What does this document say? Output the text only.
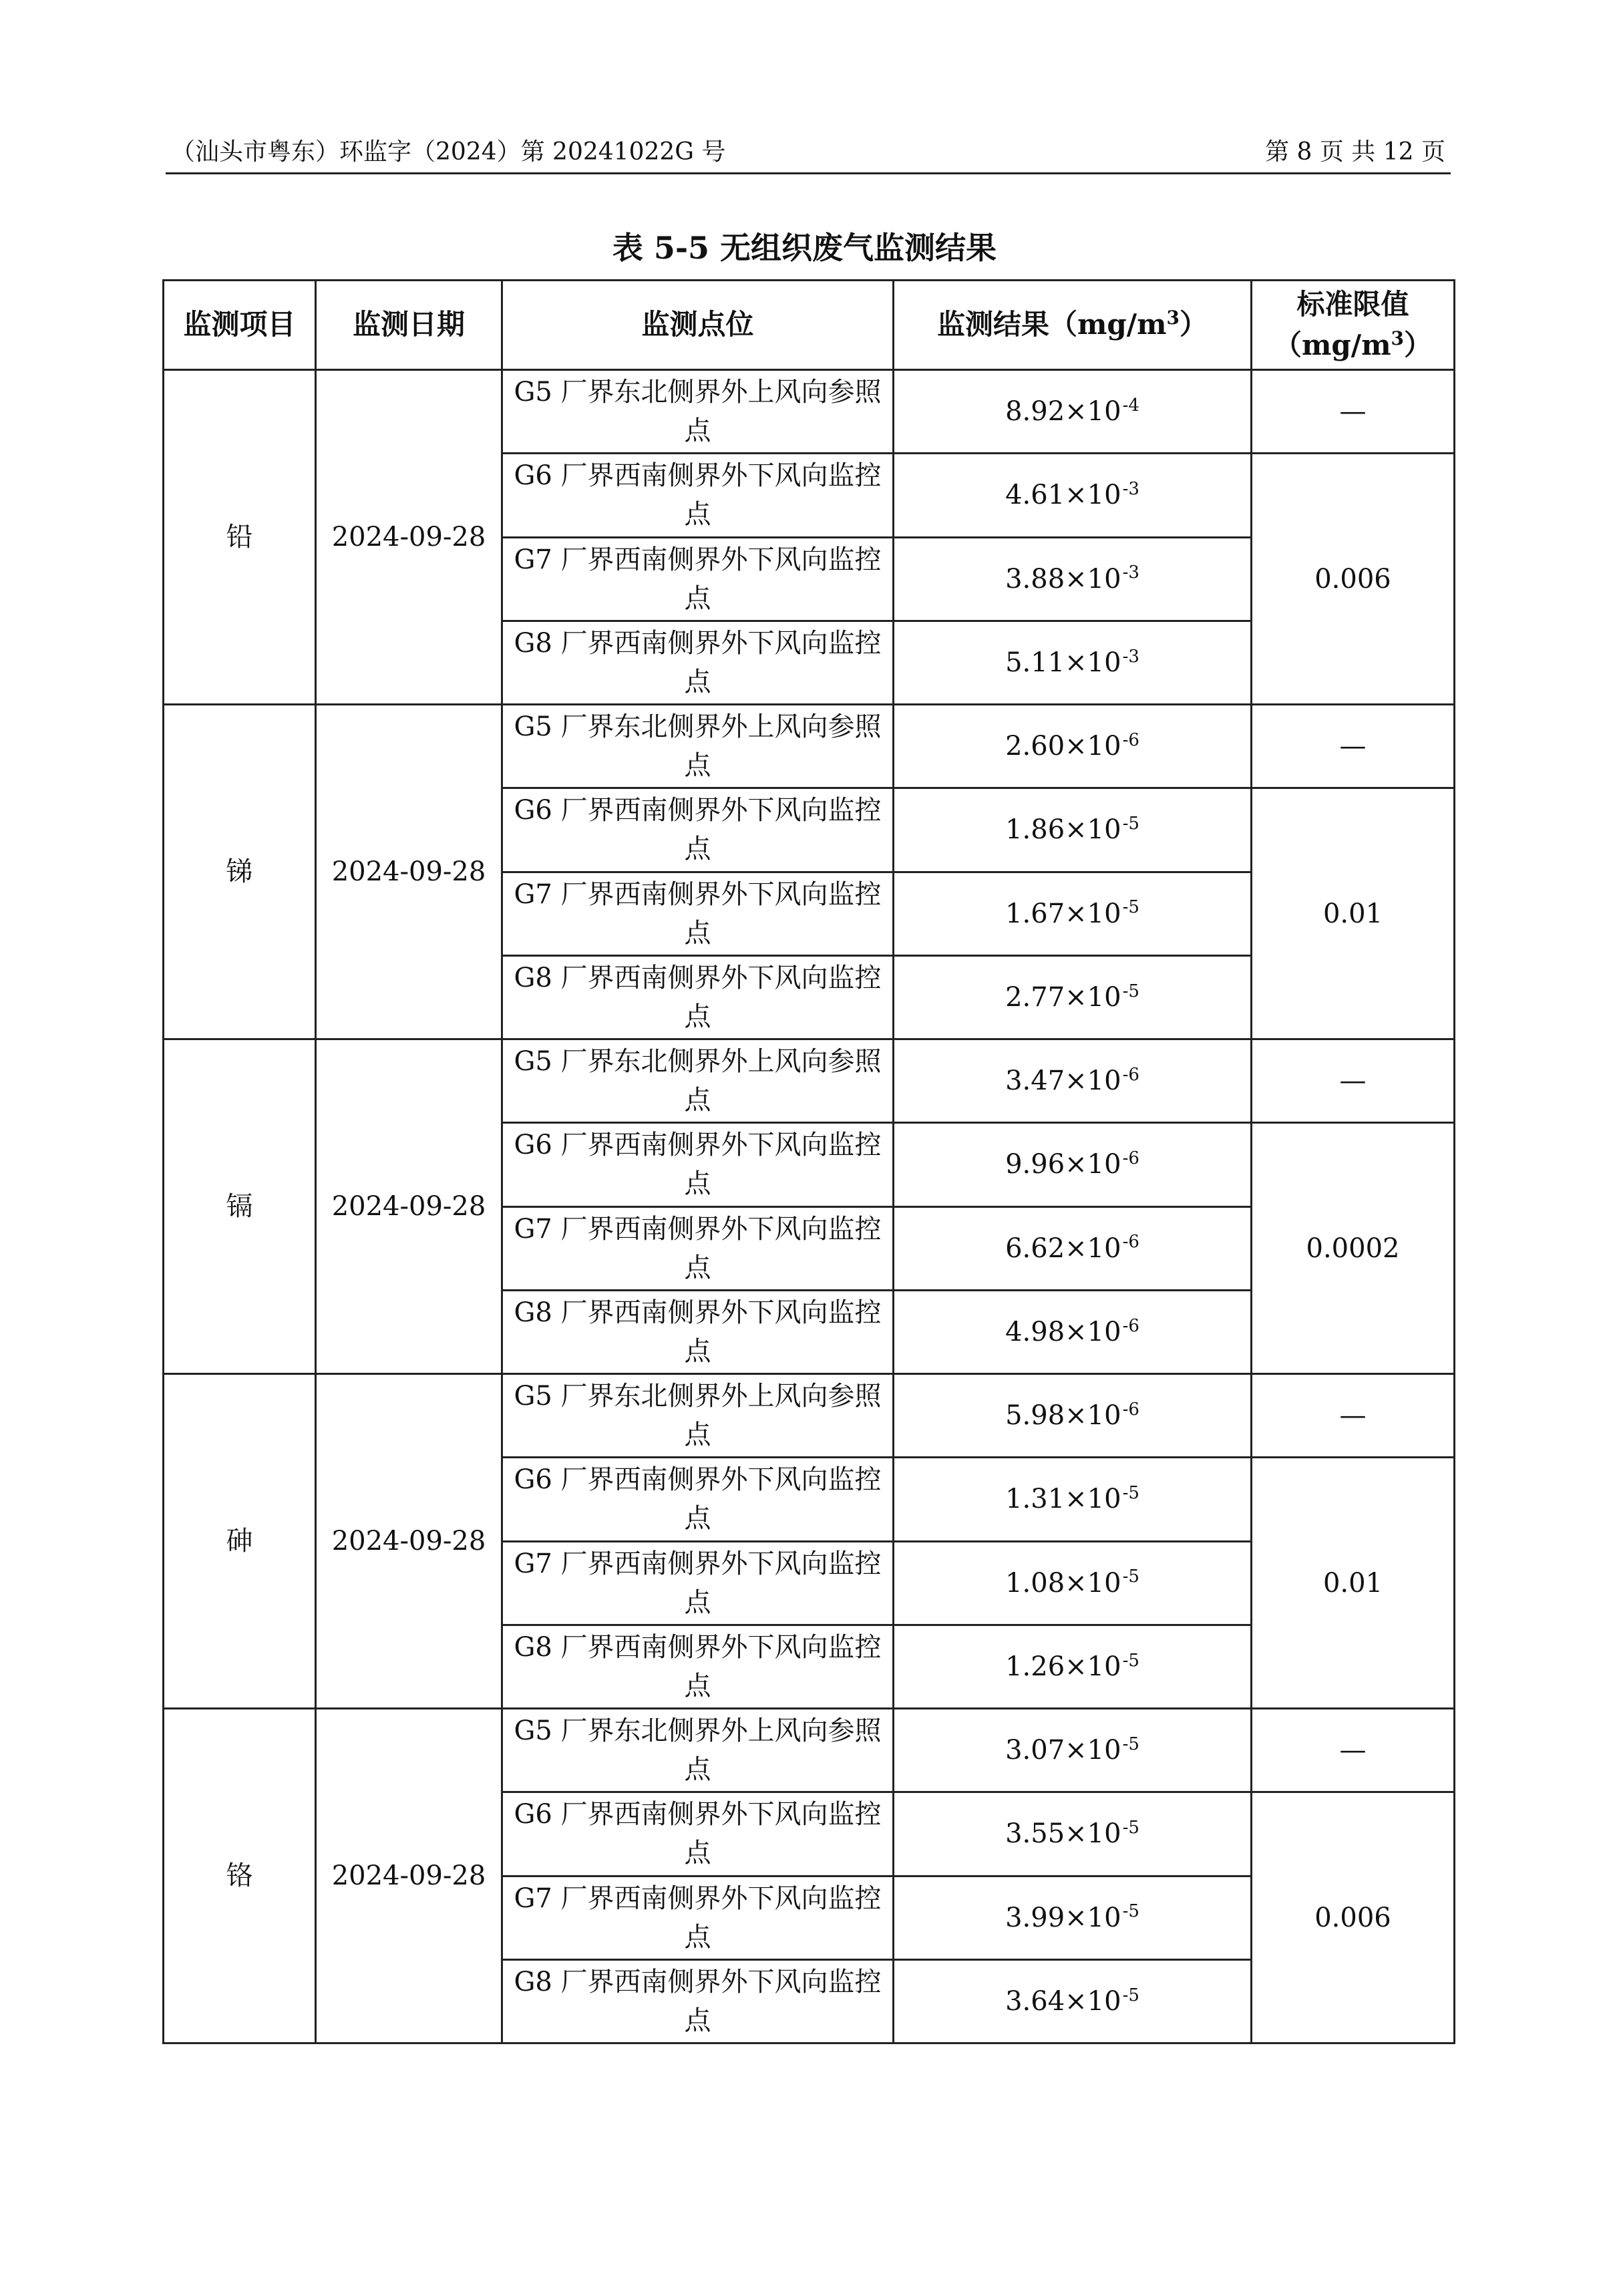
（汕头市粤东）环监字（2024）第 20241022G 号	第 8 页 共 12 页
表 5-5 无组织废气监测结果
监测项目	监测日期	监测点位	监测结果$(mg/m^3)$	标准限值
$(mg/m^3)$
铅	2024-09-28	G5 厂界东北侧界外上风向参照点	$8.92\times 10^{-4}$	—
		G6 厂界西南侧界外下风向监控点	$4.61\times 10^{-3}$	0.006
		G7 厂界西南侧界外下风向监控点	$3.88\times 10^{-3}$
		G8 厂界西南侧界外下风向监控点	$5.11\times 10^{-3}$
锑	2024-09-28	G5 厂界东北侧界外上风向参照点	$2.60\times 10^{-6}$	—
		G6 厂界西南侧界外下风向监控点	$1.86\times 10^{-5}$	0.01
		G7 厂界西南侧界外下风向监控点	$1.67\times 10^{-5}$
		G8 厂界西南侧界外下风向监控点	$2.77\times 10^{-5}$
镉	2024-09-28	G5 厂界东北侧界外上风向参照点	$3.47\times 10^{-6}$	—
		G6 厂界西南侧界外下风向监控点	$9.96\times 10^{-6}$	0.0002
		G7 厂界西南侧界外下风向监控点	$6.62\times 10^{-6}$
		G8 厂界西南侧界外下风向监控点	$4.98\times 10^{-6}$
砷	2024-09-28	G5 厂界东北侧界外上风向参照点	$5.98\times 10^{-6}$	—
		G6 厂界西南侧界外下风向监控点	$1.31\times 10^{-5}$	0.01
		G7 厂界西南侧界外下风向监控点	$1.08\times 10^{-5}$
		G8 厂界西南侧界外下风向监控点	$1.26\times 10^{-5}$
铬	2024-09-28	G5 厂界东北侧界外上风向参照点	$3.07\times 10^{-5}$	—
		G6 厂界西南侧界外下风向监控点	$3.55\times 10^{-5}$	0.006
		G7 厂界西南侧界外下风向监控点	$3.99\times 10^{-5}$
		G8 厂界西南侧界外下风向监控点	$3.64\times 10^{-5}$
